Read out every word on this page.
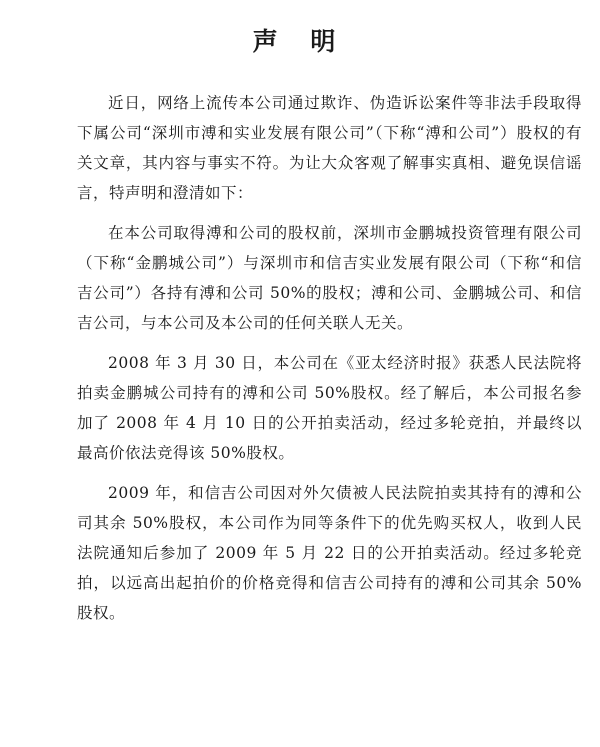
声 明

近日，网络上流传本公司通过欺诈、伪造诉讼案件等非法手段取得下属公司“深圳市溥和实业发展有限公司”（下称“溥和公司”）股权的有关文章，其内容与事实不符。为让大众客观了解事实真相、避免误信谣言，特声明和澄清如下：

在本公司取得溥和公司的股权前，深圳市金鹏城投资管理有限公司（下称“金鹏城公司”）与深圳市和信吉实业发展有限公司（下称“和信吉公司”）各持有溥和公司 50%的股权；溥和公司、金鹏城公司、和信吉公司，与本公司及本公司的任何关联人无关。

2008 年 3 月 30 日，本公司在《亚太经济时报》获悉人民法院将拍卖金鹏城公司持有的溥和公司 50%股权。经了解后，本公司报名参加了 2008 年 4 月 10 日的公开拍卖活动，经过多轮竞拍，并最终以最高价依法竞得该 50%股权。

2009 年，和信吉公司因对外欠债被人民法院拍卖其持有的溥和公司其余 50%股权，本公司作为同等条件下的优先购买权人，收到人民法院通知后参加了 2009 年 5 月 22 日的公开拍卖活动。经过多轮竞拍，以远高出起拍价的价格竞得和信吉公司持有的溥和公司其余 50%股权。
